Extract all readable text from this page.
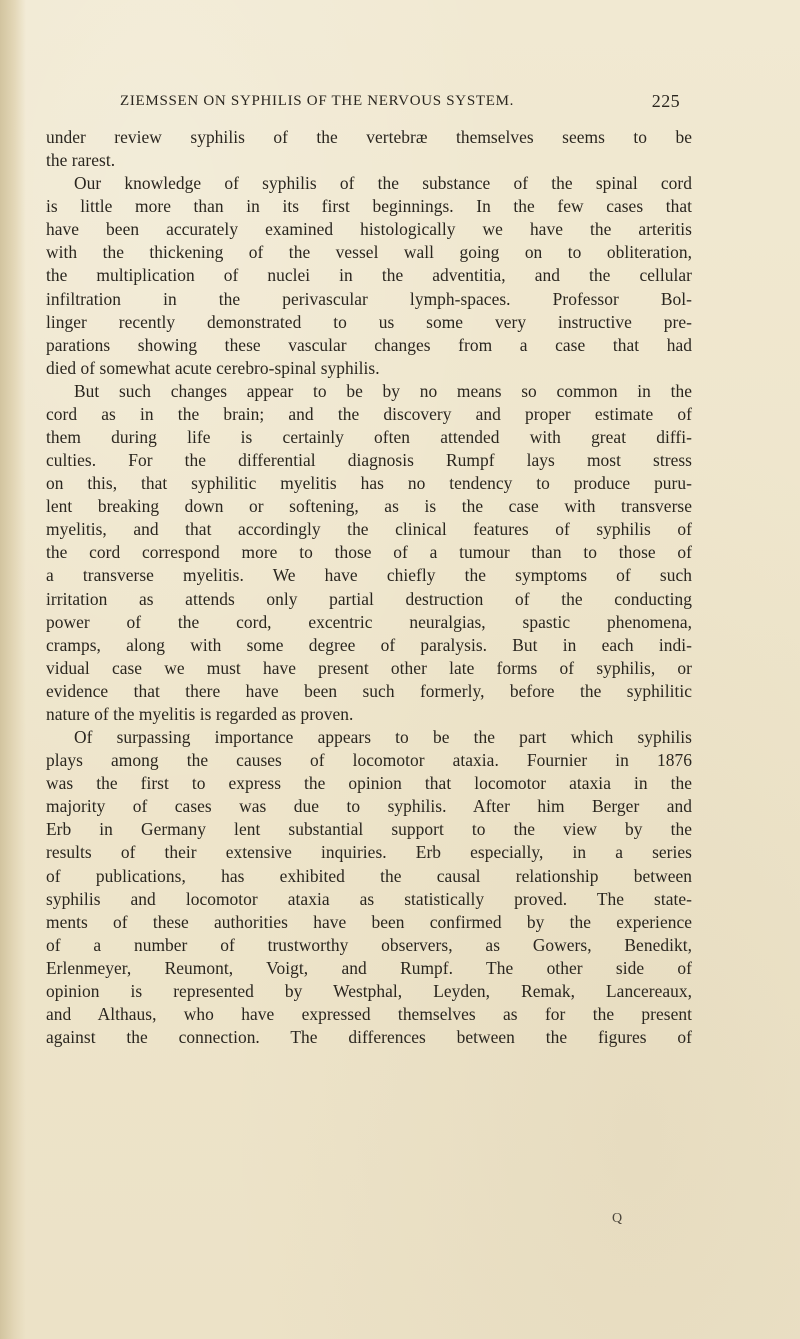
ZIEMSSEN ON SYPHILIS OF THE NERVOUS SYSTEM.	225
under review syphilis of the vertebræ themselves seems to be
the rarest.
Our knowledge of syphilis of the substance of the spinal cord
is little more than in its first beginnings. In the few cases that
have been accurately examined histologically we have the arteritis
with the thickening of the vessel wall going on to obliteration,
the multiplication of nuclei in the adventitia, and the cellular
infiltration in the perivascular lymph-spaces. Professor Bol-
linger recently demonstrated to us some very instructive pre-
parations showing these vascular changes from a case that had
died of somewhat acute cerebro-spinal syphilis.
But such changes appear to be by no means so common in the
cord as in the brain; and the discovery and proper estimate of
them during life is certainly often attended with great diffi-
culties. For the differential diagnosis Rumpf lays most stress
on this, that syphilitic myelitis has no tendency to produce puru-
lent breaking down or softening, as is the case with transverse
myelitis, and that accordingly the clinical features of syphilis of
the cord correspond more to those of a tumour than to those of
a transverse myelitis. We have chiefly the symptoms of such
irritation as attends only partial destruction of the conducting
power of the cord, excentric neuralgias, spastic phenomena,
cramps, along with some degree of paralysis. But in each indi-
vidual case we must have present other late forms of syphilis, or
evidence that there have been such formerly, before the syphilitic
nature of the myelitis is regarded as proven.
Of surpassing importance appears to be the part which syphilis
plays among the causes of locomotor ataxia. Fournier in 1876
was the first to express the opinion that locomotor ataxia in the
majority of cases was due to syphilis. After him Berger and
Erb in Germany lent substantial support to the view by the
results of their extensive inquiries. Erb especially, in a series
of publications, has exhibited the causal relationship between
syphilis and locomotor ataxia as statistically proved. The state-
ments of these authorities have been confirmed by the experience
of a number of trustworthy observers, as Gowers, Benedikt,
Erlenmeyer, Reumont, Voigt, and Rumpf. The other side of
opinion is represented by Westphal, Leyden, Remak, Lancereaux,
and Althaus, who have expressed themselves as for the present
against the connection. The differences between the figures of
Q
